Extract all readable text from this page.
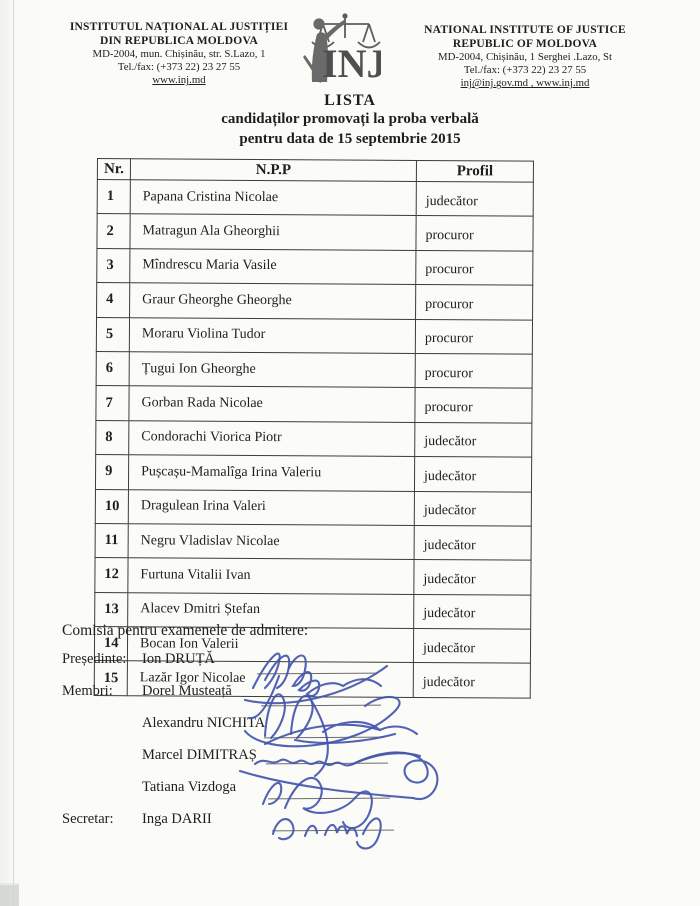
INSTITUTUL NAȚIONAL AL JUSTIȚIEI
DIN REPUBLICA MOLDOVA
MD-2004, mun. Chișinău, str. S.Lazo, 1
Tel./fax: (+373 22) 23 27 55
www.inj.md	INJ
NATIONAL INSTITUTE OF JUSTICE
REPUBLIC OF MOLDOVA
MD-2004, Chișinău, 1 Serghei .Lazo, St
Tel./fax: (+373 22) 23 27 55
inj@inj.gov.md , www.inj.md
LISTA
candidaților promovați la proba verbală
pentru data de 15 septembrie 2015
Nr.	N.P.P	Profil
1	Papana Cristina Nicolae	judecător
2	Matragun Ala Gheorghii	procuror
3	Mîndrescu Maria Vasile	procuror
4	Graur Gheorghe Gheorghe	procuror
5	Moraru Violina Tudor	procuror
6	Țugui Ion Gheorghe	procuror
7	Gorban Rada Nicolae	procuror
8	Condorachi Viorica Piotr	judecător
9	Pușcașu-Mamalîga Irina Valeriu	judecător
10	Dragulean Irina Valeri	judecător
11	Negru Vladislav Nicolae	judecător
12	Furtuna Vitalii Ivan	judecător
13	Alacev Dmitri Ștefan	judecător
14	Bocan Ion Valerii	judecător
15	Lazăr Igor Nicolae	judecător
Comisia pentru examenele de admitere:
Președinte: Ion DRUȚĂ
Membri: Dorel Musteață
Alexandru NICHITA
Marcel DIMITRAȘ
Tatiana Vizdoga
Secretar: Inga DARII
